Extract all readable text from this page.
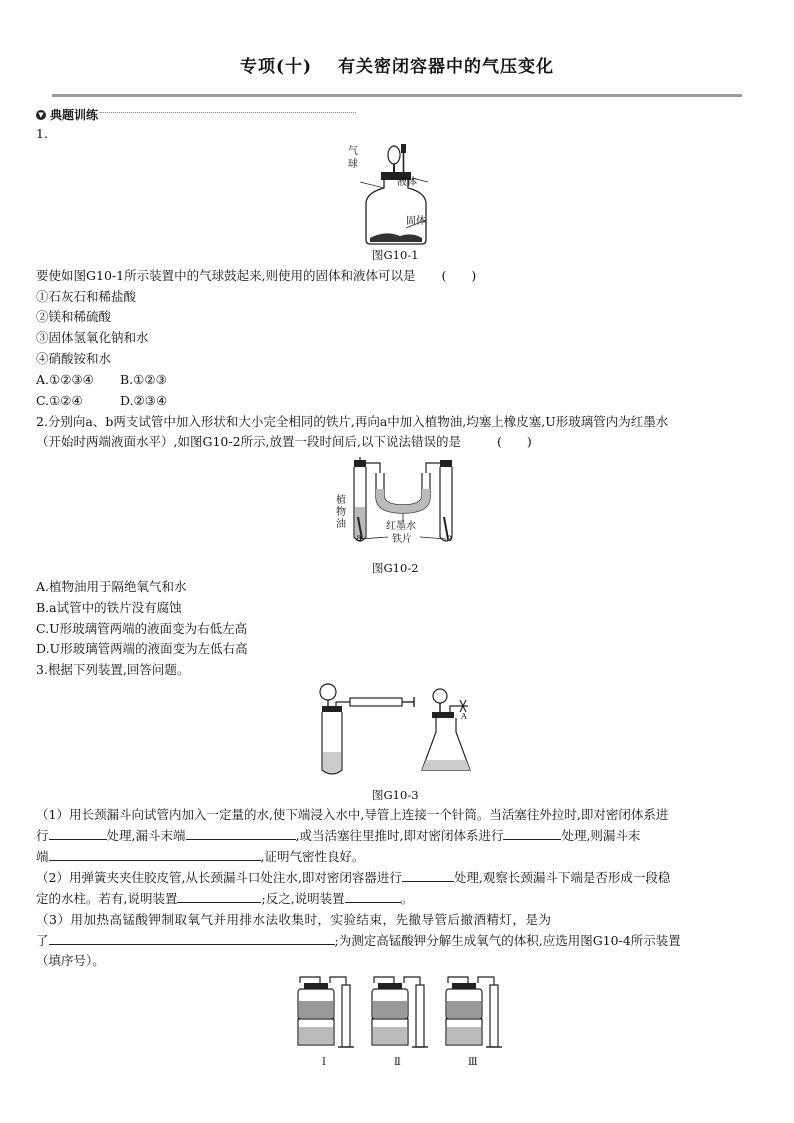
专项(十) 有关密闭容器中的气压变化
▼ 典题训练
1.
气
球
液体
固体
图G10-1
要使如图G10-1所示装置中的气球鼓起来,则使用的固体和液体可以是 (　　)
①石灰石和稀盐酸
②镁和稀硫酸
③固体氢氧化钠和水
④硝酸铵和水
A.①②③④ B.①②③
C.①②④	D.②③④
2.分别向a、b两支试管中加入形状和大小完全相同的铁片,再向a中加入植物油,均塞上橡皮塞,U形玻璃管内为红墨水
（开始时两端液面水平）,如图G10-2所示,放置一段时间后,以下说法错误的是	(　　)
植
物
油	红墨水
铁片
a	b
图G10-2
A.植物油用于隔绝氧气和水
B.a试管中的铁片没有腐蚀
C.U形玻璃管两端的液面变为右低左高
D.U形玻璃管两端的液面变为左低右高
3.根据下列装置,回答问题。
A
图G10-3
（1）用长颈漏斗向试管内加入一定量的水,使下端浸入水中,导管上连接一个针筒。当活塞往外拉时,即对密闭体系进
行	处理,漏斗末端	,或当活塞往里推时,即对密闭体系进行	处理,则漏斗末
端	,证明气密性良好。
（2）用弹簧夹夹住胶皮管,从长颈漏斗口处注水,即对密闭容器进行	处理,观察长颈漏斗下端是否形成一段稳
定的水柱。若有,说明装置	;反之,说明装置	。
（3）用加热高锰酸钾制取氧气并用排水法收集时，实验结束，先撤导管后撤酒精灯，是为
了	;为测定高锰酸钾分解生成氧气的体积,应选用图G10-4所示装置
（填序号）。
Ⅰ	Ⅱ	Ⅲ
